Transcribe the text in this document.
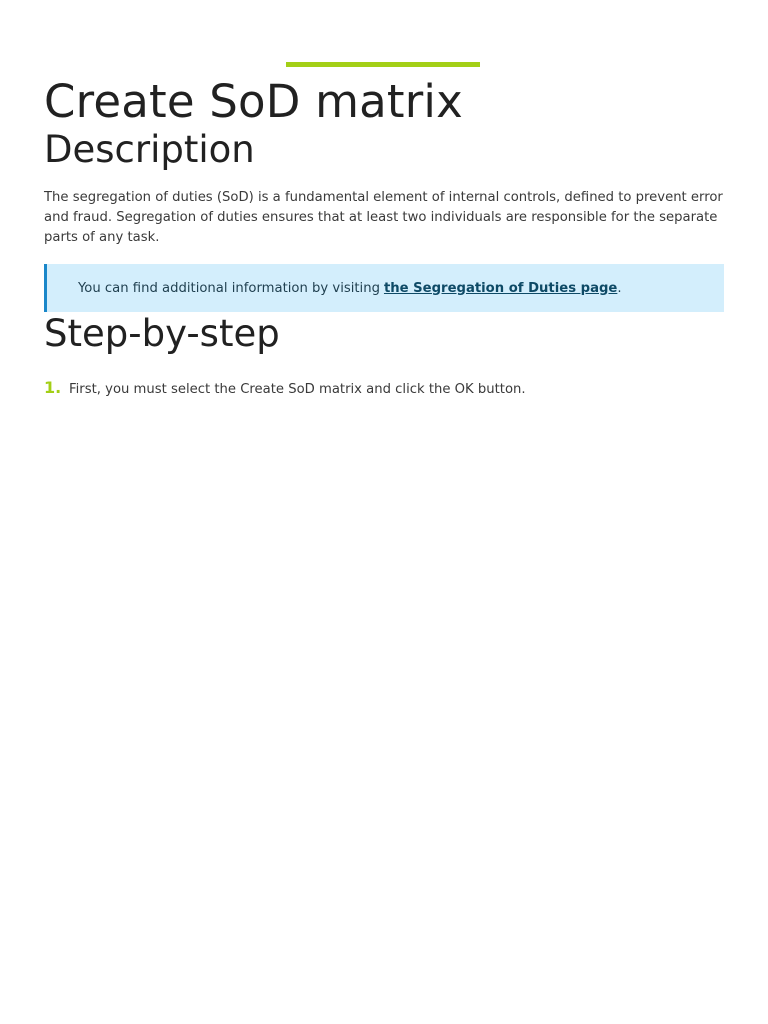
Create SoD matrix
Description

The segregation of duties (SoD) is a fundamental element of internal controls, defined to prevent error and fraud. Segregation of duties ensures that at least two individuals are responsible for the separate parts of any task.

You can find additional information by visiting the Segregation of Duties page .
Step-by-step
1. First, you must select the Create SoD matrix and click the OK button.
